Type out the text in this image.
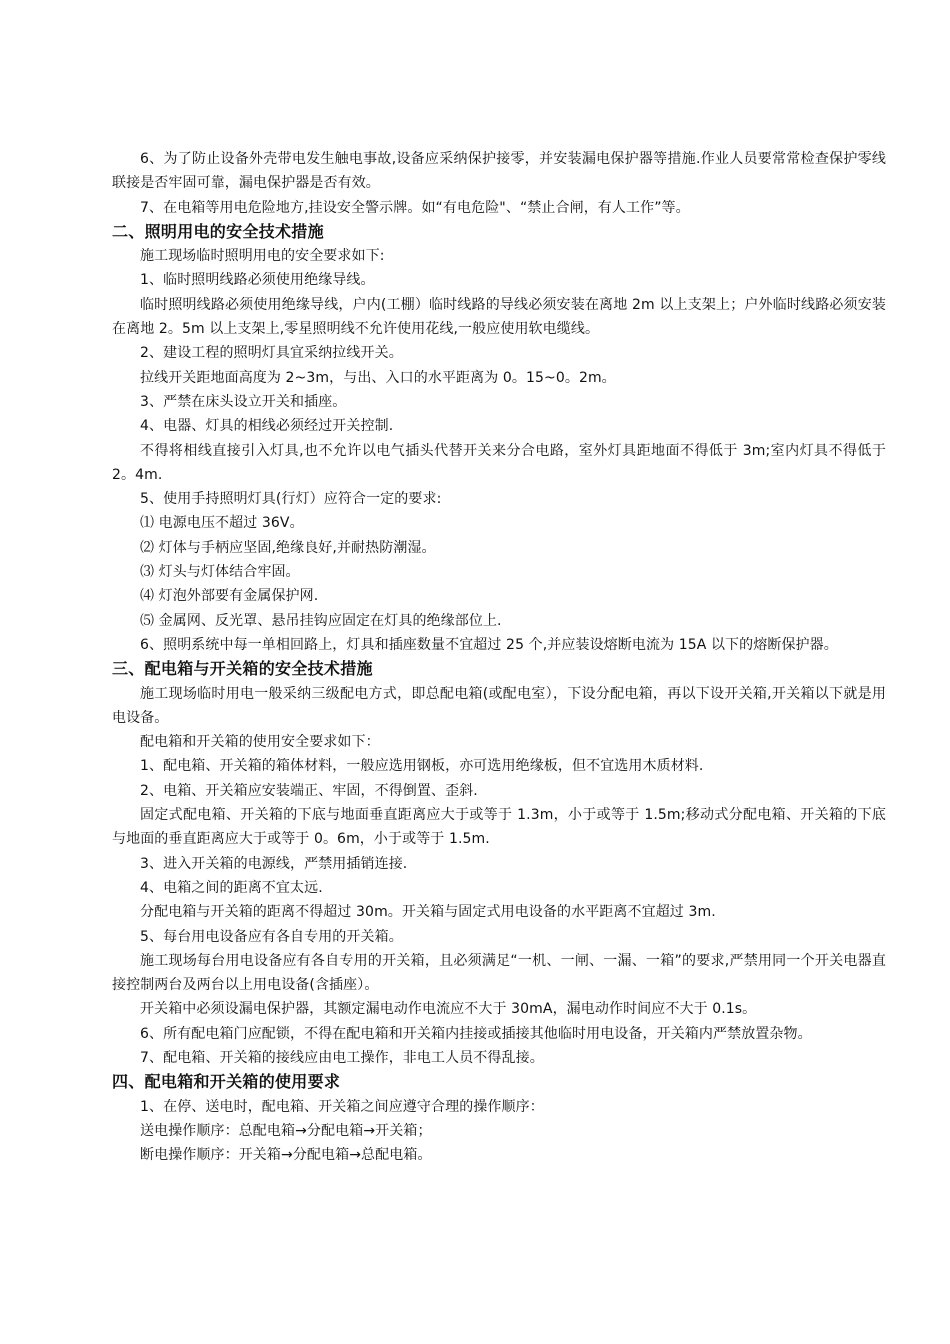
6、为了防止设备外壳带电发生触电事故,设备应采纳保护接零，并安装漏电保护器等措施.作业人员要常常检查保护零线联接是否牢固可靠，漏电保护器是否有效。

7、在电箱等用电危险地方,挂设安全警示牌。如“有电危险"、“禁止合闸，有人工作”等。

二、照明用电的安全技术措施

施工现场临时照明用电的安全要求如下:

1、临时照明线路必须使用绝缘导线。

临时照明线路必须使用绝缘导线，户内(工棚）临时线路的导线必须安装在离地 2m 以上支架上；户外临时线路必须安装在离地 2。5m 以上支架上,零星照明线不允许使用花线,一般应使用软电缆线。

2、建设工程的照明灯具宜采纳拉线开关。

拉线开关距地面高度为 2~3m，与出、入口的水平距离为 0。15~0。2m。

3、严禁在床头设立开关和插座。

4、电器、灯具的相线必须经过开关控制.

不得将相线直接引入灯具,也不允许以电气插头代替开关来分合电路，室外灯具距地面不得低于 3m;室内灯具不得低于 2。4m.

5、使用手持照明灯具(行灯）应符合一定的要求:

⑴ 电源电压不超过 36V。

⑵ 灯体与手柄应坚固,绝缘良好,并耐热防潮湿。

⑶ 灯头与灯体结合牢固。

⑷ 灯泡外部要有金属保护网.

⑸ 金属网、反光罩、悬吊挂钩应固定在灯具的绝缘部位上.

6、照明系统中每一单相回路上，灯具和插座数量不宜超过 25 个,并应装设熔断电流为 15A 以下的熔断保护器。

三、配电箱与开关箱的安全技术措施

施工现场临时用电一般采纳三级配电方式，即总配电箱(或配电室），下设分配电箱，再以下设开关箱,开关箱以下就是用电设备。

配电箱和开关箱的使用安全要求如下：

1、配电箱、开关箱的箱体材料，一般应选用钢板，亦可选用绝缘板，但不宜选用木质材料.

2、电箱、开关箱应安装端正、牢固，不得倒置、歪斜.

固定式配电箱、开关箱的下底与地面垂直距离应大于或等于 1.3m，小于或等于 1.5m;移动式分配电箱、开关箱的下底与地面的垂直距离应大于或等于 0。6m，小于或等于 1.5m.

3、进入开关箱的电源线，严禁用插销连接.

4、电箱之间的距离不宜太远.

分配电箱与开关箱的距离不得超过 30m。开关箱与固定式用电设备的水平距离不宜超过 3m.

5、每台用电设备应有各自专用的开关箱。

施工现场每台用电设备应有各自专用的开关箱，且必须满足“一机、一闸、一漏、一箱”的要求,严禁用同一个开关电器直接控制两台及两台以上用电设备(含插座）。

开关箱中必须设漏电保护器，其额定漏电动作电流应不大于 30mA，漏电动作时间应不大于 0.1s。

6、所有配电箱门应配锁，不得在配电箱和开关箱内挂接或插接其他临时用电设备，开关箱内严禁放置杂物。

7、配电箱、开关箱的接线应由电工操作，非电工人员不得乱接。

四、配电箱和开关箱的使用要求

1、在停、送电时，配电箱、开关箱之间应遵守合理的操作顺序：

送电操作顺序：总配电箱→分配电箱→开关箱；

断电操作顺序：开关箱→分配电箱→总配电箱。
